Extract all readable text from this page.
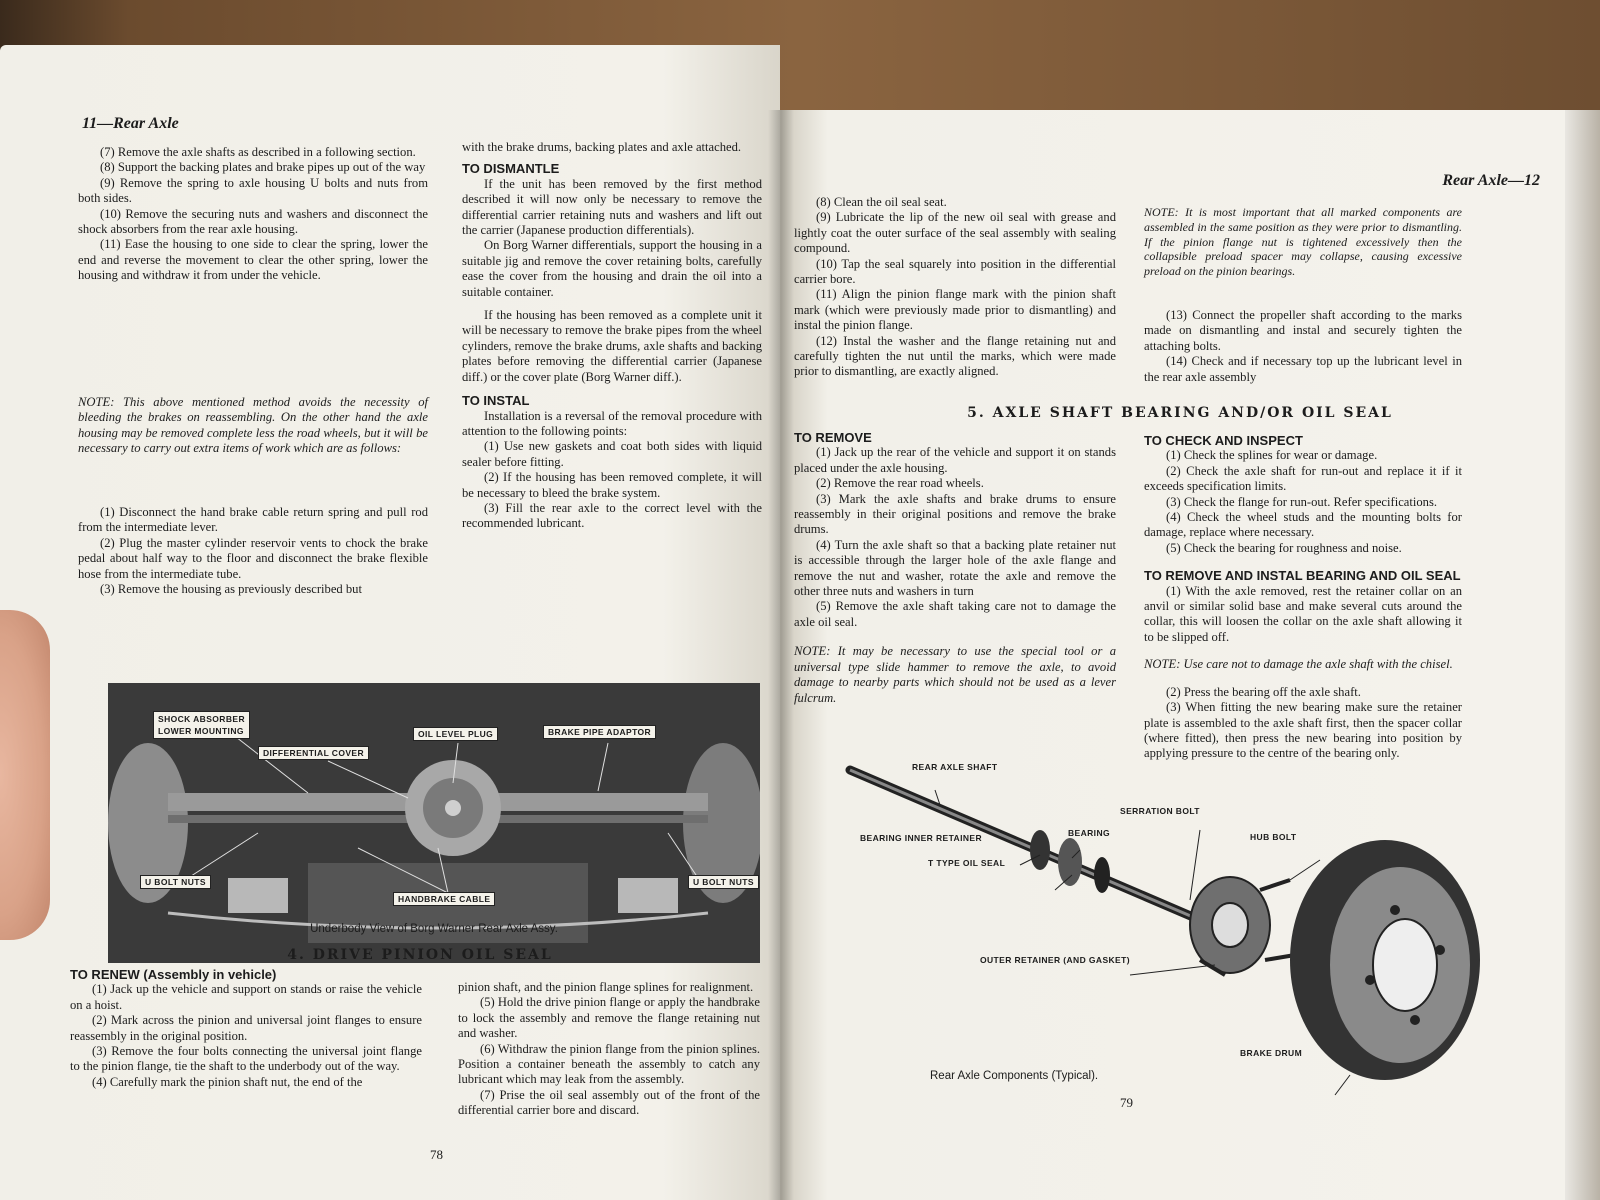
11—Rear Axle

(7) Remove the axle shafts as described in a following section.

(8) Support the backing plates and brake pipes up out of the way

(9) Remove the spring to axle housing U bolts and nuts from both sides.

(10) Remove the securing nuts and washers and disconnect the shock absorbers from the rear axle housing.

(11) Ease the housing to one side to clear the spring, lower the end and reverse the movement to clear the other spring, lower the housing and withdraw it from under the vehicle.

NOTE: This above mentioned method avoids the necessity of bleeding the brakes on reassembling. On the other hand the axle housing may be removed complete less the road wheels, but it will be necessary to carry out extra items of work which are as follows:

(1) Disconnect the hand brake cable return spring and pull rod from the intermediate lever.

(2) Plug the master cylinder reservoir vents to chock the brake pedal about half way to the floor and disconnect the brake flexible hose from the intermediate tube.

(3) Remove the housing as previously described but

with the brake drums, backing plates and axle attached.

TO DISMANTLE

If the unit has been removed by the first method described it will now only be necessary to remove the differential carrier retaining nuts and washers and lift out the carrier (Japanese production differentials).

On Borg Warner differentials, support the housing in a suitable jig and remove the cover retaining bolts, carefully ease the cover from the housing and drain the oil into a suitable container.

If the housing has been removed as a complete unit it will be necessary to remove the brake pipes from the wheel cylinders, remove the brake drums, axle shafts and backing plates before removing the differential carrier (Japanese diff.) or the cover plate (Borg Warner diff.).

TO INSTAL

Installation is a reversal of the removal procedure with attention to the following points:

(1) Use new gaskets and coat both sides with liquid sealer before fitting.

(2) If the housing has been removed complete, it will be necessary to bleed the brake system.

(3) Fill the rear axle to the correct level with the recommended lubricant.

SHOCK ABSORBER
LOWER MOUNTING	OIL LEVEL PLUG	BRAKE PIPE ADAPTOR
DIFFERENTIAL COVER
U BOLT NUTS	U BOLT NUTS
HANDBRAKE CABLE
Underbody View of Borg Warner Rear Axle Assy.
4. DRIVE PINION OIL SEAL
TO RENEW (Assembly in vehicle)

(1) Jack up the vehicle and support on stands or raise the vehicle on a hoist.

(2) Mark across the pinion and universal joint flanges to ensure reassembly in the original position.

(3) Remove the four bolts connecting the universal joint flange to the pinion flange, tie the shaft to the underbody out of the way.

(4) Carefully mark the pinion shaft nut, the end of the

pinion shaft, and the pinion flange splines for realignment.

(5) Hold the drive pinion flange or apply the handbrake to lock the assembly and remove the flange retaining nut and washer.

(6) Withdraw the pinion flange from the pinion splines. Position a container beneath the assembly to catch any lubricant which may leak from the assembly.

(7) Prise the oil seal assembly out of the front of the differential carrier bore and discard.

78
Rear Axle—12

(8) Clean the oil seal seat.

(9) Lubricate the lip of the new oil seal with grease and lightly coat the outer surface of the seal assembly with sealing compound.

(10) Tap the seal squarely into position in the differential carrier bore.

(11) Align the pinion flange mark with the pinion shaft mark (which were previously made prior to dismantling) and instal the pinion flange.

(12) Instal the washer and the flange retaining nut and carefully tighten the nut until the marks, which were made prior to dismantling, are exactly aligned.

NOTE: It is most important that all marked components are assembled in the same position as they were prior to dismantling. If the pinion flange nut is tightened excessively then the collapsible preload spacer may collapse, causing excessive preload on the pinion bearings.

(13) Connect the propeller shaft according to the marks made on dismantling and instal and securely tighten the attaching bolts.

(14) Check and if necessary top up the lubricant level in the rear axle assembly

5. AXLE SHAFT BEARING AND/OR OIL SEAL
TO REMOVE

(1) Jack up the rear of the vehicle and support it on stands placed under the axle housing.

(2) Remove the rear road wheels.

(3) Mark the axle shafts and brake drums to ensure reassembly in their original positions and remove the brake drums.

(4) Turn the axle shaft so that a backing plate retainer nut is accessible through the larger hole of the axle flange and remove the nut and washer, rotate the axle and remove the other three nuts and washers in turn

(5) Remove the axle shaft taking care not to damage the axle oil seal.

NOTE: It may be necessary to use the special tool or a universal type slide hammer to remove the axle, to avoid damage to nearby parts which should not be used as a lever fulcrum.

TO CHECK AND INSPECT

(1) Check the splines for wear or damage.

(2) Check the axle shaft for run-out and replace it if it exceeds specification limits.

(3) Check the flange for run-out. Refer specifications.

(4) Check the wheel studs and the mounting bolts for damage, replace where necessary.

(5) Check the bearing for roughness and noise.

TO REMOVE AND INSTAL BEARING AND OIL SEAL

(1) With the axle removed, rest the retainer collar on an anvil or similar solid base and make several cuts around the collar, this will loosen the collar on the axle shaft allowing it to be slipped off.

NOTE: Use care not to damage the axle shaft with the chisel.

(2) Press the bearing off the axle shaft.

(3) When fitting the new bearing make sure the retainer plate is assembled to the axle shaft first, then the spacer collar (where fitted), then press the new bearing into position by applying pressure to the centre of the bearing only.

REAR AXLE SHAFT
SERRATION BOLT
BEARING	HUB BOLT
BEARING INNER RETAINER
T TYPE OIL SEAL
OUTER RETAINER (AND GASKET)
BRAKE DRUM
Rear Axle Components (Typical).
79
